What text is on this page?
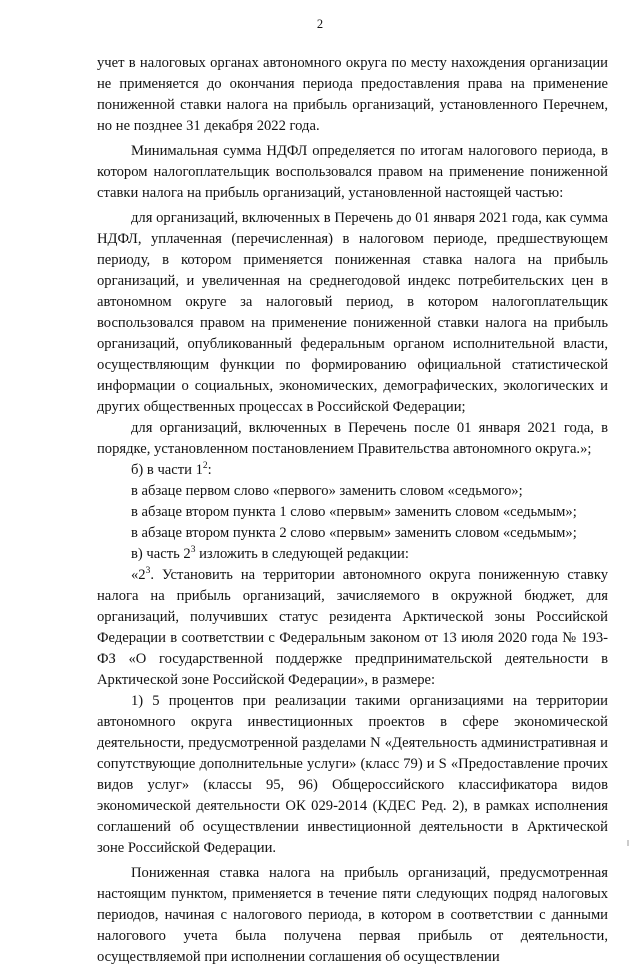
2

учет в налоговых органах автономного округа по месту нахождения организации не применяется до окончания периода предоставления права на применение пониженной ставки налога на прибыль организаций, установленного Перечнем, но не позднее 31 декабря 2022 года.

Минимальная сумма НДФЛ определяется по итогам налогового периода, в котором налогоплательщик воспользовался правом на применение пониженной ставки налога на прибыль организаций, установленной настоящей частью:

для организаций, включенных в Перечень до 01 января 2021 года, как сумма НДФЛ, уплаченная (перечисленная) в налоговом периоде, предшествующем периоду, в котором применяется пониженная ставка налога на прибыль организаций, и увеличенная на среднегодовой индекс потребительских цен в автономном округе за налоговый период, в котором налогоплательщик воспользовался правом на применение пониженной ставки налога на прибыль организаций, опубликованный федеральным органом исполнительной власти, осуществляющим функции по формированию официальной статистической информации о социальных, экономических, демографических, экологических и других общественных процессах в Российской Федерации;

для организаций, включенных в Перечень после 01 января 2021 года, в порядке, установленном постановлением Правительства автономного округа.»;

б) в части $1^2$:

в абзаце первом слово «первого» заменить словом «седьмого»;

в абзаце втором пункта 1 слово «первым» заменить словом «седьмым»;

в абзаце втором пункта 2 слово «первым» заменить словом «седьмым»;

в) часть $2^3$ изложить в следующей редакции:

«$2^3$. Установить на территории автономного округа пониженную ставку налога на прибыль организаций, зачисляемого в окружной бюджет, для организаций, получивших статус резидента Арктической зоны Российской Федерации в соответствии с Федеральным законом от 13 июля 2020 года № 193-ФЗ «О государственной поддержке предпринимательской деятельности в Арктической зоне Российской Федерации», в размере:

1) 5 процентов при реализации такими организациями на территории автономного округа инвестиционных проектов в сфере экономической деятельности, предусмотренной разделами N «Деятельность административная и сопутствующие дополнительные услуги» (класс 79) и S «Предоставление прочих видов услуг» (классы 95, 96) Общероссийского классификатора видов экономической деятельности ОК 029-2014 (КДЕС Ред. 2), в рамках исполнения соглашений об осуществлении инвестиционной деятельности в Арктической зоне Российской Федерации.

Пониженная ставка налога на прибыль организаций, предусмотренная настоящим пунктом, применяется в течение пяти следующих подряд налоговых периодов, начиная с налогового периода, в котором в соответствии с данными налогового учета была получена первая прибыль от деятельности, осуществляемой при исполнении соглашения об осуществлении
